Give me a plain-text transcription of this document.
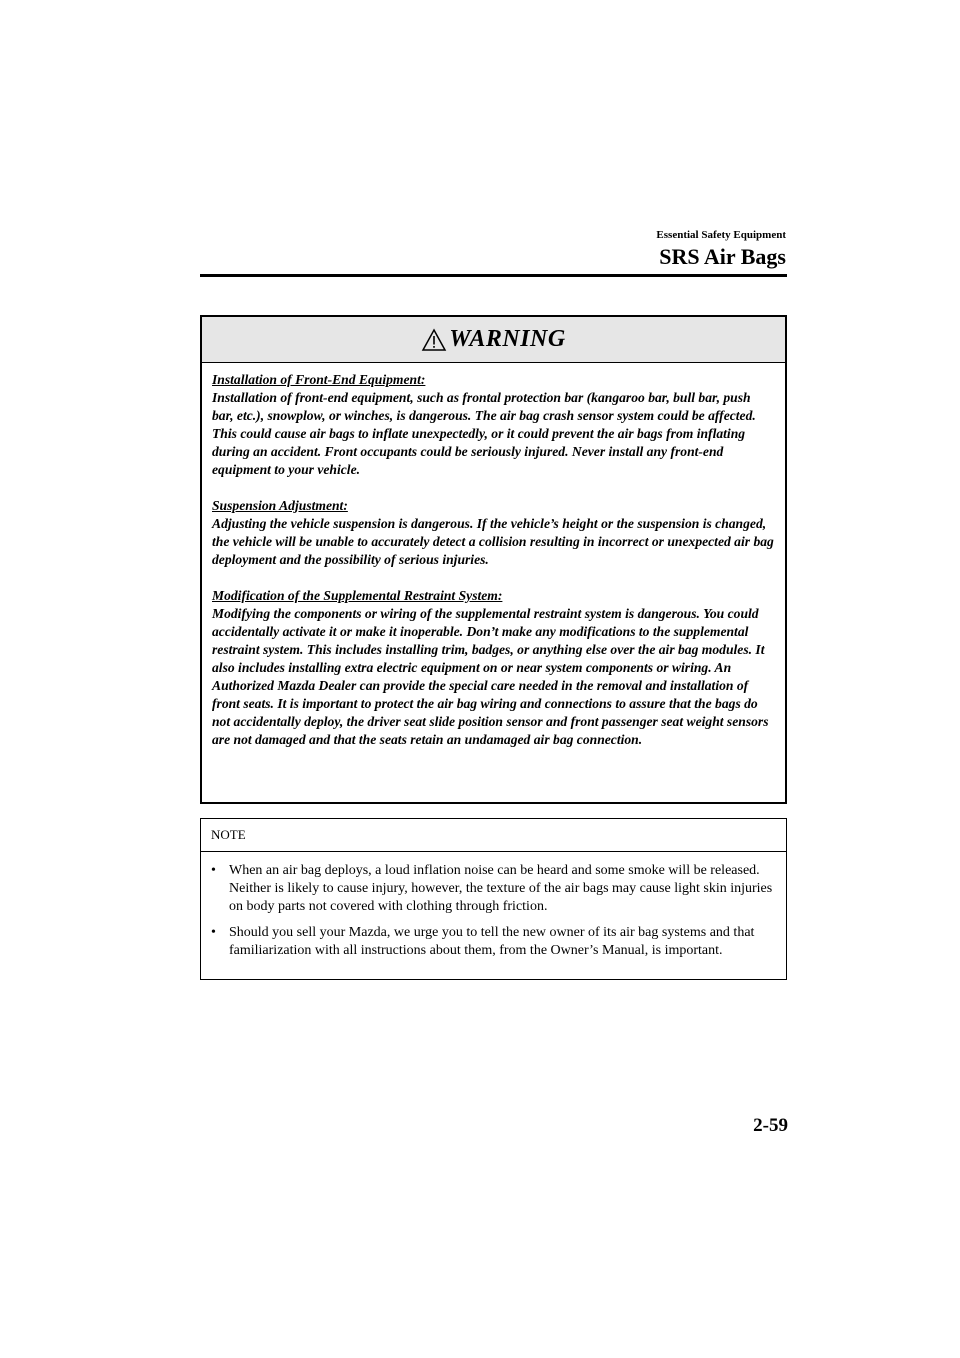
Essential Safety Equipment
SRS Air Bags
WARNING

Installation of Front-End Equipment:
Installation of front-end equipment, such as frontal protection bar (kangaroo bar, bull bar, push bar, etc.), snowplow, or winches, is dangerous. The air bag crash sensor system could be affected. This could cause air bags to inflate unexpectedly, or it could prevent the air bags from inflating during an accident. Front occupants could be seriously injured. Never install any front-end equipment to your vehicle.

Suspension Adjustment:
Adjusting the vehicle suspension is dangerous. If the vehicle’s height or the suspension is changed, the vehicle will be unable to accurately detect a collision resulting in incorrect or unexpected air bag deployment and the possibility of serious injuries.

Modification of the Supplemental Restraint System:
Modifying the components or wiring of the supplemental restraint system is dangerous. You could accidentally activate it or make it inoperable. Don’t make any modifications to the supplemental restraint system. This includes installing trim, badges, or anything else over the air bag modules. It also includes installing extra electric equipment on or near system components or wiring. An Authorized Mazda Dealer can provide the special care needed in the removal and installation of front seats. It is important to protect the air bag wiring and connections to assure that the bags do not accidentally deploy, the driver seat slide position sensor and front passenger seat weight sensors are not damaged and that the seats retain an undamaged air bag connection.

NOTE
• When an air bag deploys, a loud inflation noise can be heard and some smoke will be released. Neither is likely to cause injury, however, the texture of the air bags may cause light skin injuries on body parts not covered with clothing through friction.
• Should you sell your Mazda, we urge you to tell the new owner of its air bag systems and that familiarization with all instructions about them, from the Owner’s Manual, is important.
2-59
